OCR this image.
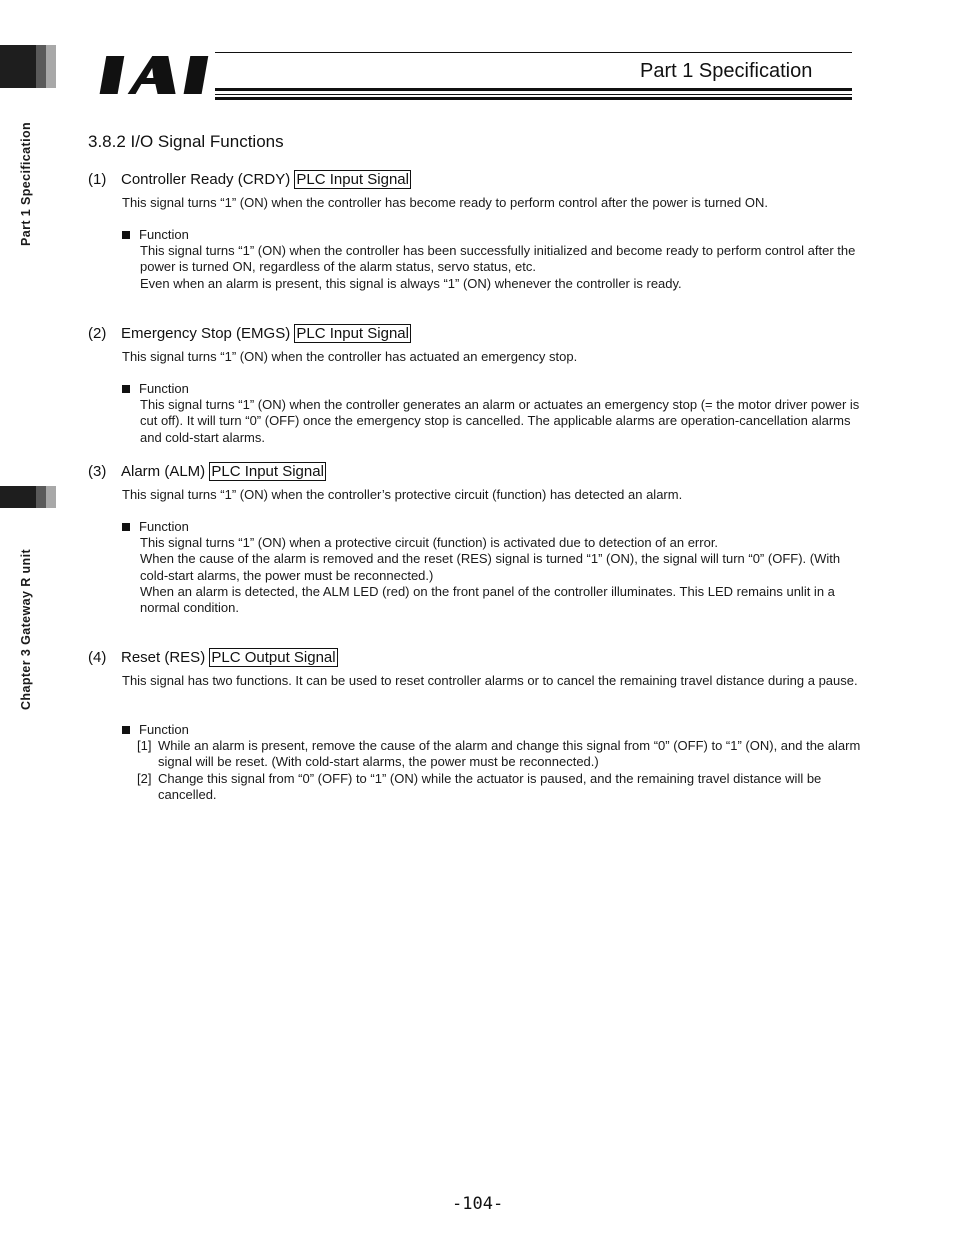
Part 1 Specification
Chapter 3 Gateway R unit
Part 1 Specification
3.8.2 I/O Signal Functions
(1) Controller Ready (CRDY) PLC Input Signal
This signal turns “1” (ON) when the controller has become ready to perform control after the power is turned ON.
Function

This signal turns “1” (ON) when the controller has been successfully initialized and become ready to perform control after the power is turned ON, regardless of the alarm status, servo status, etc.

Even when an alarm is present, this signal is always “1” (ON) whenever the controller is ready.

(2) Emergency Stop (EMGS) PLC Input Signal
This signal turns “1” (ON) when the controller has actuated an emergency stop.
Function

This signal turns “1” (ON) when the controller generates an alarm or actuates an emergency stop (= the motor driver power is cut off). It will turn “0” (OFF) once the emergency stop is cancelled. The applicable alarms are operation-cancellation alarms and cold-start alarms.

(3) Alarm (ALM) PLC Input Signal
This signal turns “1” (ON) when the controller’s protective circuit (function) has detected an alarm.
Function

This signal turns “1” (ON) when a protective circuit (function) is activated due to detection of an error.

When the cause of the alarm is removed and the reset (RES) signal is turned “1” (ON), the signal will turn “0” (OFF). (With cold-start alarms, the power must be reconnected.)

When an alarm is detected, the ALM LED (red) on the front panel of the controller illuminates. This LED remains unlit in a normal condition.

(4) Reset (RES) PLC Output Signal
This signal has two functions. It can be used to reset controller alarms or to cancel the remaining travel distance during a pause.
Function
[1] While an alarm is present, remove the cause of the alarm and change this signal from “0” (OFF) to “1” (ON), and the alarm signal will be reset. (With cold-start alarms, the power must be reconnected.)
[2] Change this signal from “0” (OFF) to “1” (ON) while the actuator is paused, and the remaining travel distance will be cancelled.
-104-
